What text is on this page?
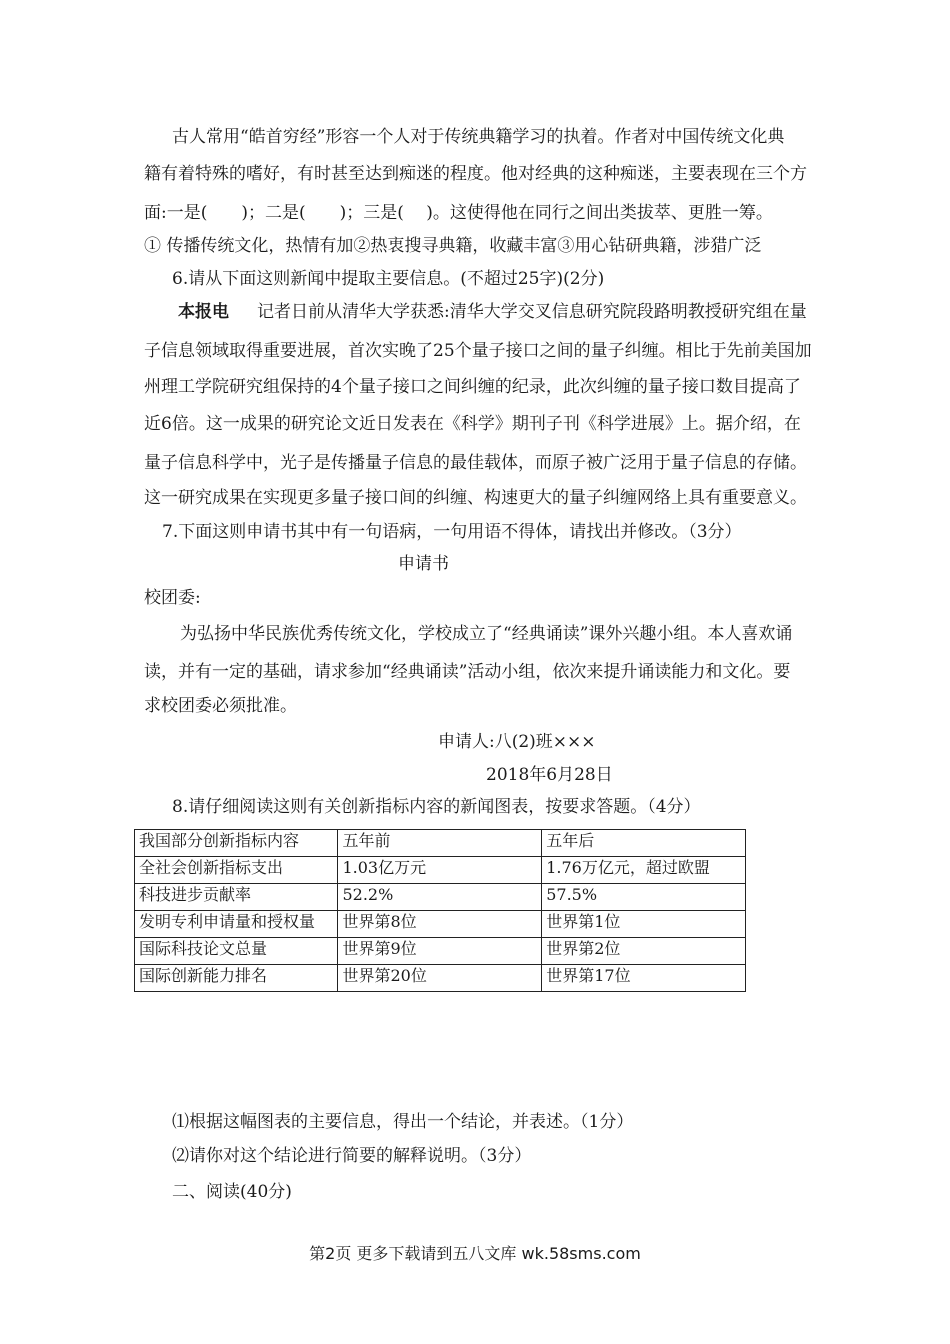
古人常用“皓首穷经”形容一个人对于传统典籍学习的执着。作者对中国传统文化典
籍有着特殊的嗜好，有时甚至达到痴迷的程度。他对经典的这种痴迷，主要表现在三个方
面:一是(　　)；二是(　　)；三是(　 )。这使得他在同行之间出类拔萃、更胜一筹。
① 传播传统文化，热情有加②热衷搜寻典籍，收藏丰富③用心钻研典籍，涉猎广泛
6.请从下面这则新闻中提取主要信息。(不超过25字)(2分)
本报电 记者日前从清华大学获悉:清华大学交叉信息研究院段路明教授研究组在量
子信息领域取得重要进展，首次实晚了25个量子接口之间的量子纠缠。相比于先前美国加
州理工学院研究组保持的4个量子接口之间纠缠的纪录，此次纠缠的量子接口数目提高了
近6倍。这一成果的研究论文近日发表在《科学》期刊子刊《科学进展》上。据介绍，在
量子信息科学中，光子是传播量子信息的最佳载体，而原子被广泛用于量子信息的存储。
这一研究成果在实现更多量子接口间的纠缠、构速更大的量子纠缠网络上具有重要意义。
7.下面这则申请书其中有一句语病，一句用语不得体，请找出并修改。（3分）
申请书
校团委:
为弘扬中华民族优秀传统文化，学校成立了“经典诵读”课外兴趣小组。本人喜欢诵
读，并有一定的基础，请求参加“经典诵读”活动小组，依次来提升诵读能力和文化。要
求校团委必须批准。
申请人:八(2)班×××
2018年6月28日
8.请仔细阅读这则有关创新指标内容的新闻图表，按要求答题。（4分）
我国部分创新指标内容	五年前	五年后
全社会创新指标支出	1.03亿万元	1.76万亿元，超过欧盟
科技进步贡献率	52.2%	57.5%
发明专利申请量和授权量	世界第8位	世界第1位
国际科技论文总量	世界第9位	世界第2位
国际创新能力排名	世界第20位	世界第17位
⑴根据这幅图表的主要信息，得出一个结论，并表述。（1分）
⑵请你对这个结论进行简要的解释说明。（3分）
二、阅读(40分)
第2页 更多下载请到五八文库 wk.58sms.com
